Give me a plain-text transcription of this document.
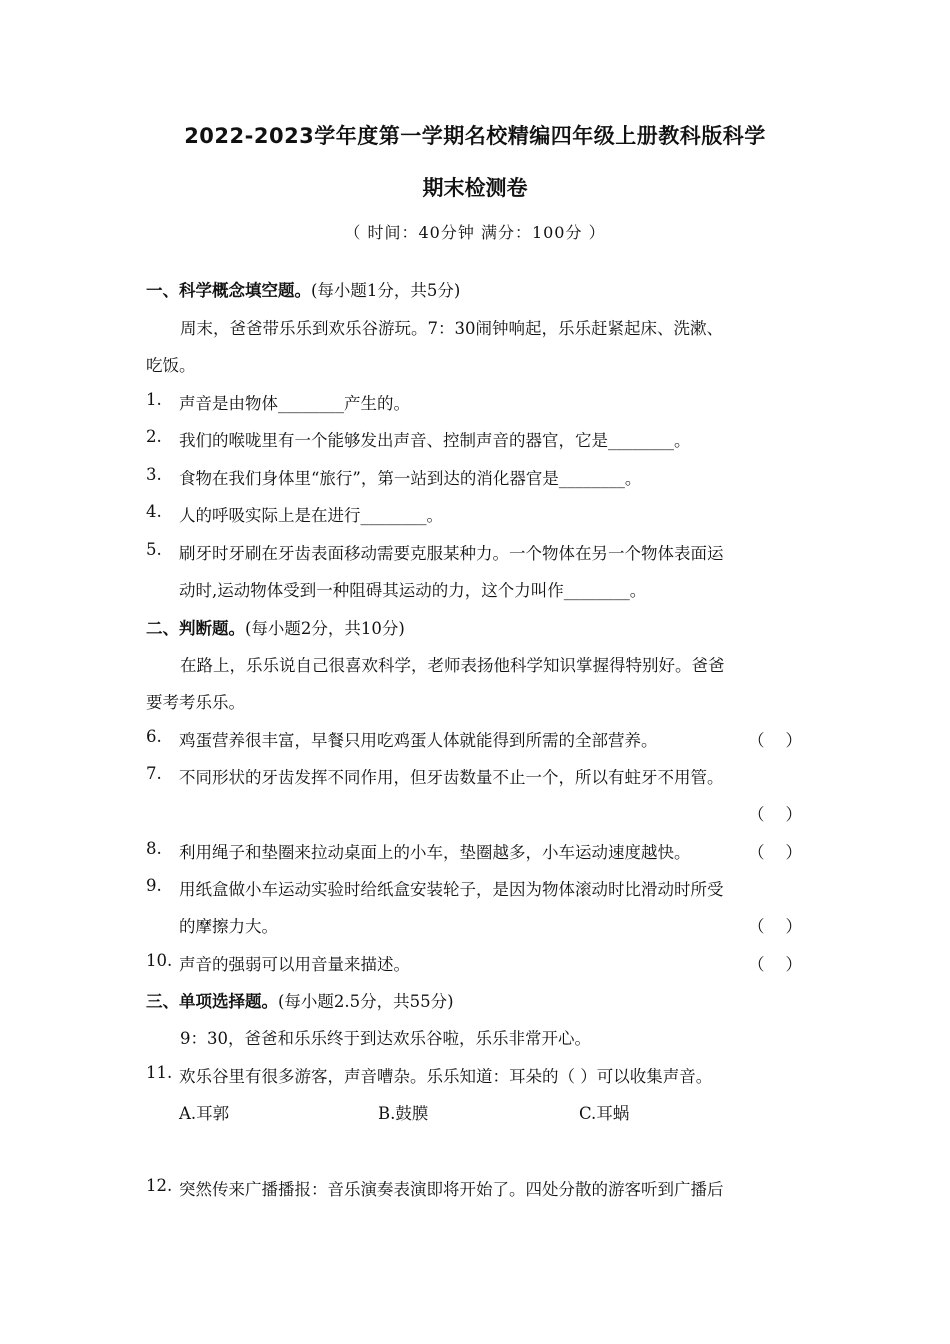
2022-2023学年度第一学期名校精编四年级上册教科版科学
期末检测卷
（ 时间：40分钟 满分：100分 ）
一、科学概念填空题。(每小题1分，共5分)
周末，爸爸带乐乐到欢乐谷游玩。7：30闹钟响起，乐乐赶紧起床、洗漱、
吃饭。
1.	声音是由物体________产生的。
2.	我们的喉咙里有一个能够发出声音、控制声音的器官，它是________。
3.	食物在我们身体里“旅行”，第一站到达的消化器官是________。
4.	人的呼吸实际上是在进行________。
5.	刷牙时牙刷在牙齿表面移动需要克服某种力。一个物体在另一个物体表面运
动时,运动物体受到一种阻碍其运动的力，这个力叫作________。
二、判断题。(每小题2分，共10分)
在路上，乐乐说自己很喜欢科学，老师表扬他科学知识掌握得特别好。爸爸
要考考乐乐。
6.	鸡蛋营养很丰富，早餐只用吃鸡蛋人体就能得到所需的全部营养。	（    ）
7.	不同形状的牙齿发挥不同作用，但牙齿数量不止一个，所以有蛀牙不用管。
（    ）
8.	利用绳子和垫圈来拉动桌面上的小车，垫圈越多，小车运动速度越快。	（    ）
9.	用纸盒做小车运动实验时给纸盒安装轮子，是因为物体滚动时比滑动时所受
的摩擦力大。	（    ）
10. 声音的强弱可以用音量来描述。	（    ）
三、单项选择题。(每小题2.5分，共55分)
9：30，爸爸和乐乐终于到达欢乐谷啦，乐乐非常开心。
11. 欢乐谷里有很多游客，声音嘈杂。乐乐知道：耳朵的（ ）可以收集声音。
A.耳郭	B.鼓膜	C.耳蜗
12. 突然传来广播播报：音乐演奏表演即将开始了。四处分散的游客听到广播后
